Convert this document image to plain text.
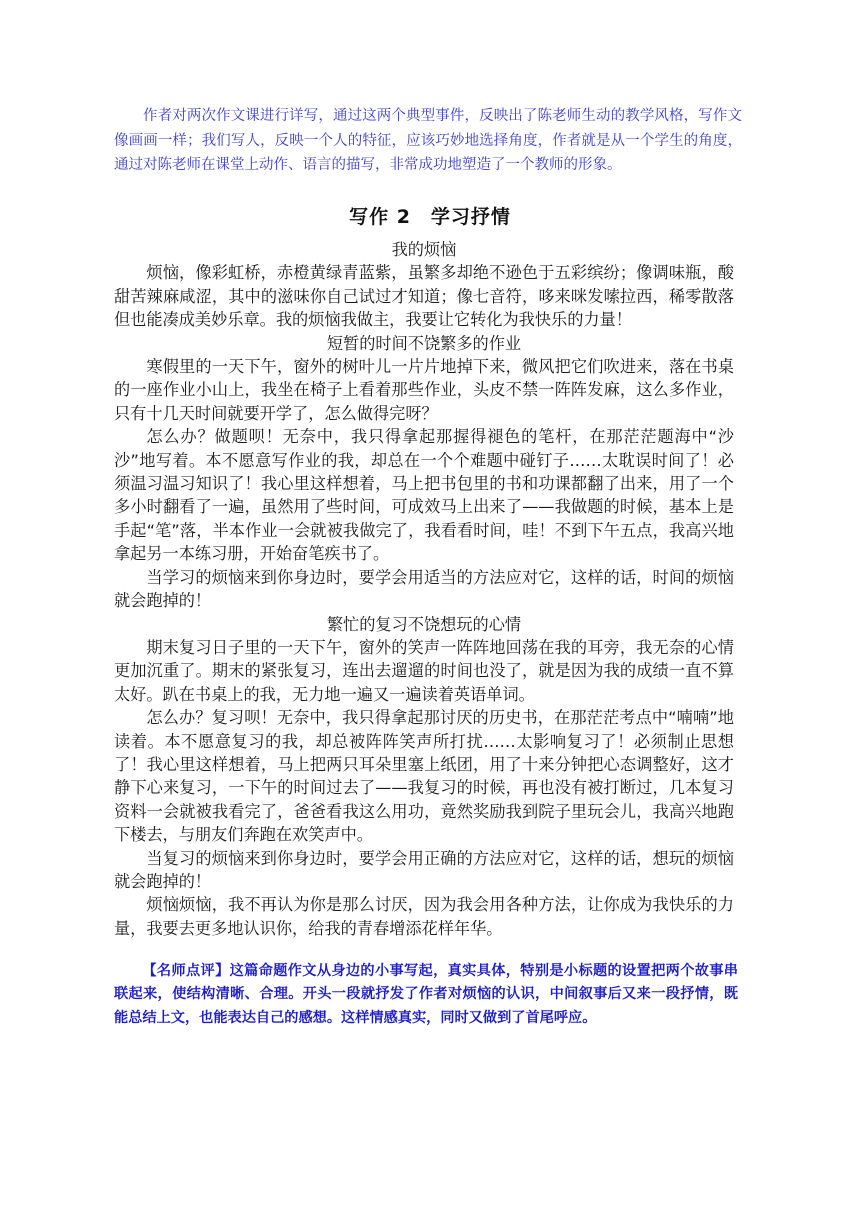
作者对两次作文课进行详写，通过这两个典型事件，反映出了陈老师生动的教学风格，写作文像画画一样；我们写人，反映一个人的特征，应该巧妙地选择角度，作者就是从一个学生的角度，通过对陈老师在课堂上动作、语言的描写，非常成功地塑造了一个教师的形象。
写作 2　学习抒情
我的烦恼

烦恼，像彩虹桥，赤橙黄绿青蓝紫，虽繁多却绝不逊色于五彩缤纷；像调味瓶，酸甜苦辣麻咸涩，其中的滋味你自己试过才知道；像七音符，哆来咪发嗦拉西，稀零散落但也能凑成美妙乐章。我的烦恼我做主，我要让它转化为我快乐的力量！

短暂的时间不饶繁多的作业

寒假里的一天下午，窗外的树叶儿一片片地掉下来，微风把它们吹进来，落在书桌的一座作业小山上，我坐在椅子上看着那些作业，头皮不禁一阵阵发麻，这么多作业，只有十几天时间就要开学了，怎么做得完呀？

怎么办？做题呗！无奈中，我只得拿起那握得褪色的笔杆，在那茫茫题海中“沙沙”地写着。本不愿意写作业的我，却总在一个个难题中碰钉子……太耽误时间了！必须温习温习知识了！我心里这样想着，马上把书包里的书和功课都翻了出来，用了一个多小时翻看了一遍，虽然用了些时间，可成效马上出来了——我做题的时候，基本上是手起“笔”落，半本作业一会就被我做完了，我看看时间，哇！不到下午五点，我高兴地拿起另一本练习册，开始奋笔疾书了。

当学习的烦恼来到你身边时，要学会用适当的方法应对它，这样的话，时间的烦恼就会跑掉的！

繁忙的复习不饶想玩的心情

期末复习日子里的一天下午，窗外的笑声一阵阵地回荡在我的耳旁，我无奈的心情更加沉重了。期末的紧张复习，连出去遛遛的时间也没了，就是因为我的成绩一直不算太好。趴在书桌上的我，无力地一遍又一遍读着英语单词。

怎么办？复习呗！无奈中，我只得拿起那讨厌的历史书，在那茫茫考点中“喃喃”地读着。本不愿意复习的我，却总被阵阵笑声所打扰……太影响复习了！必须制止思想了！我心里这样想着，马上把两只耳朵里塞上纸团，用了十来分钟把心态调整好，这才静下心来复习，一下午的时间过去了——我复习的时候，再也没有被打断过，几本复习资料一会就被我看完了，爸爸看我这么用功，竟然奖励我到院子里玩会儿，我高兴地跑下楼去，与朋友们奔跑在欢笑声中。

当复习的烦恼来到你身边时，要学会用正确的方法应对它，这样的话，想玩的烦恼就会跑掉的！

烦恼烦恼，我不再认为你是那么讨厌，因为我会用各种方法，让你成为我快乐的力量，我要去更多地认识你，给我的青春增添花样年华。

【名师点评】这篇命题作文从身边的小事写起，真实具体，特别是小标题的设置把两个故事串联起来，使结构清晰、合理。开头一段就抒发了作者对烦恼的认识，中间叙事后又来一段抒情，既能总结上文，也能表达自己的感想。这样情感真实，同时又做到了首尾呼应。
